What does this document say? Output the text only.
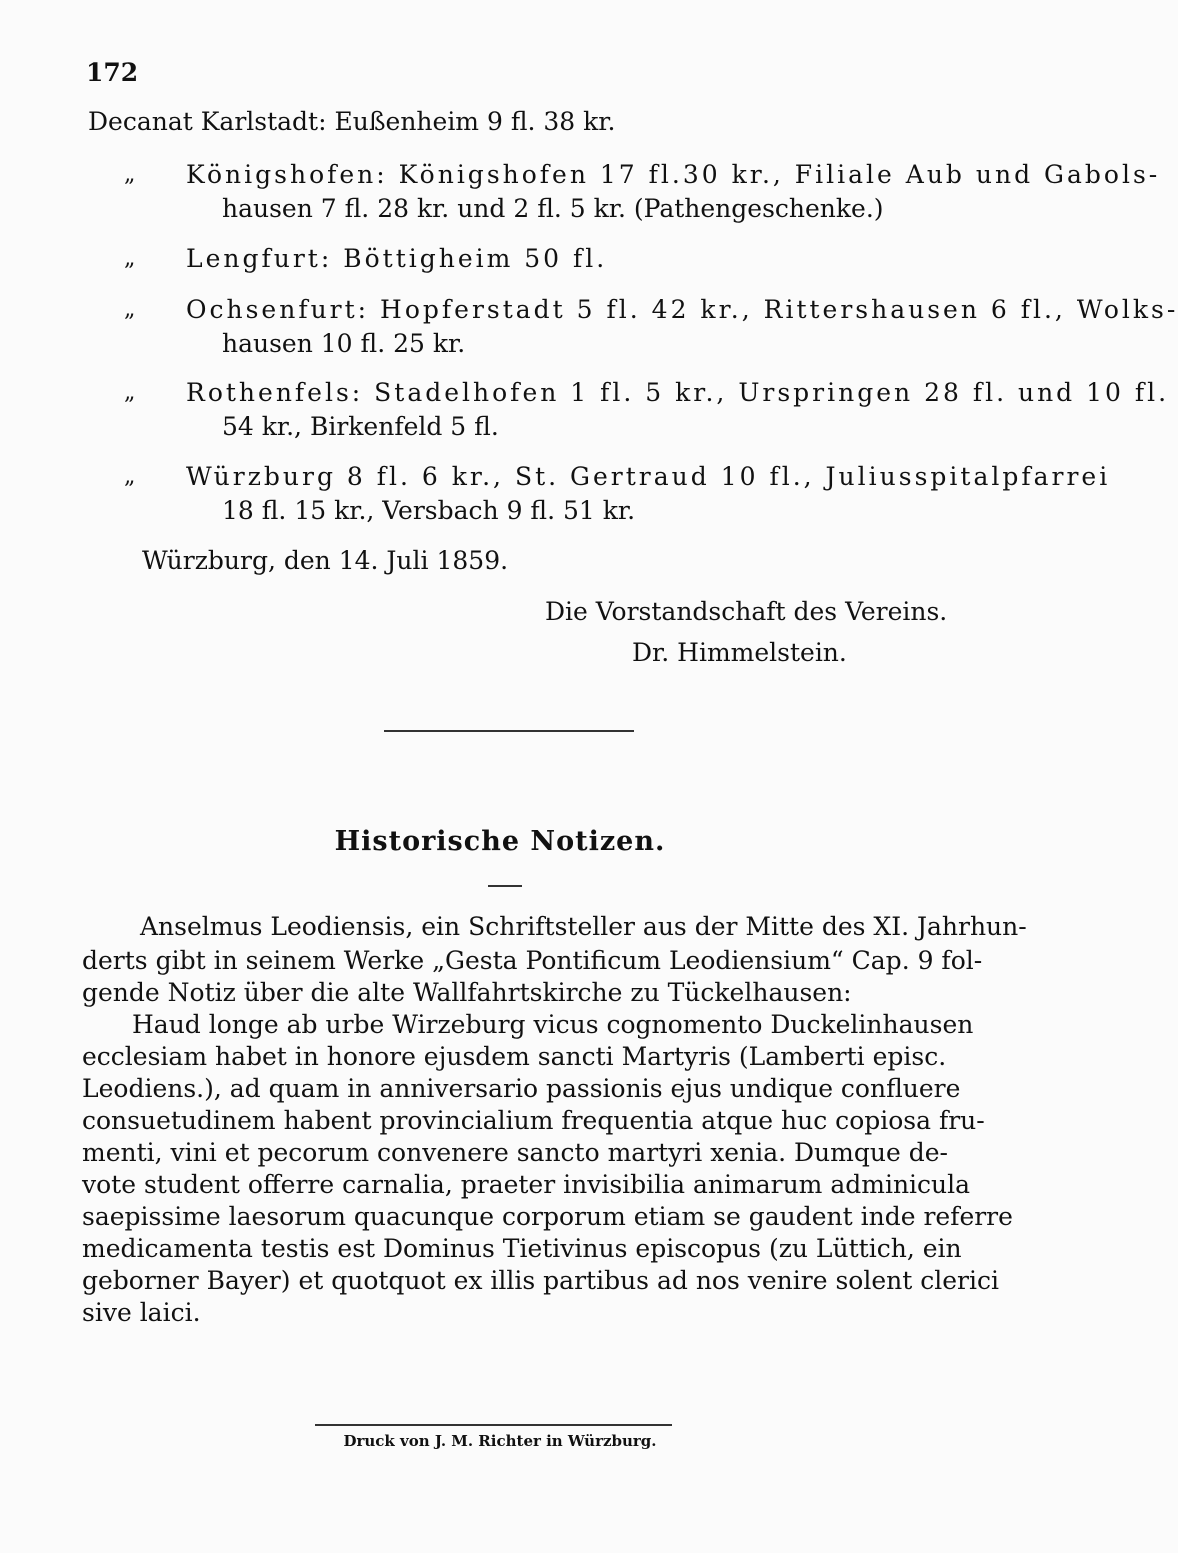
172
Decanat Karlstadt: Eußenheim 9 fl. 38 kr.
„ Königshofen: Königshofen 17 fl.30 kr., Filiale Aub und Gabols-
hausen 7 fl. 28 kr. und 2 fl. 5 kr. (Pathengeschenke.)
„ Lengfurt: Böttigheim 50 fl.
„ Ochsenfurt: Hopferstadt 5 fl. 42 kr., Rittershausen 6 fl., Wolks-
hausen 10 fl. 25 kr.
„ Rothenfels: Stadelhofen 1 fl. 5 kr., Urspringen 28 fl. und 10 fl.
54 kr., Birkenfeld 5 fl.
„ Würzburg 8 fl. 6 kr., St. Gertraud 10 fl., Juliusspitalpfarrei
18 fl. 15 kr., Versbach 9 fl. 51 kr.
Würzburg, den 14. Juli 1859.
Die Vorstandschaft des Vereins.
Dr. Himmelstein.
Historische Notizen.
Anselmus Leodiensis, ein Schriftsteller aus der Mitte des XI. Jahrhun-
derts gibt in seinem Werke „Gesta Pontificum Leodiensium“ Cap. 9 fol-
gende Notiz über die alte Wallfahrtskirche zu Tückelhausen:
Haud longe ab urbe Wirzeburg vicus cognomento Duckelinhausen
ecclesiam habet in honore ejusdem sancti Martyris (Lamberti episc.
Leodiens.), ad quam in anniversario passionis ejus undique confluere
consuetudinem habent provincialium frequentia atque huc copiosa fru-
menti, vini et pecorum convenere sancto martyri xenia. Dumque de-
vote student offerre carnalia, praeter invisibilia animarum adminicula
saepissime laesorum quacunque corporum etiam se gaudent inde referre
medicamenta testis est Dominus Tietivinus episcopus (zu Lüttich, ein
geborner Bayer) et quotquot ex illis partibus ad nos venire solent clerici
sive laici.
Druck von J. M. Richter in Würzburg.
